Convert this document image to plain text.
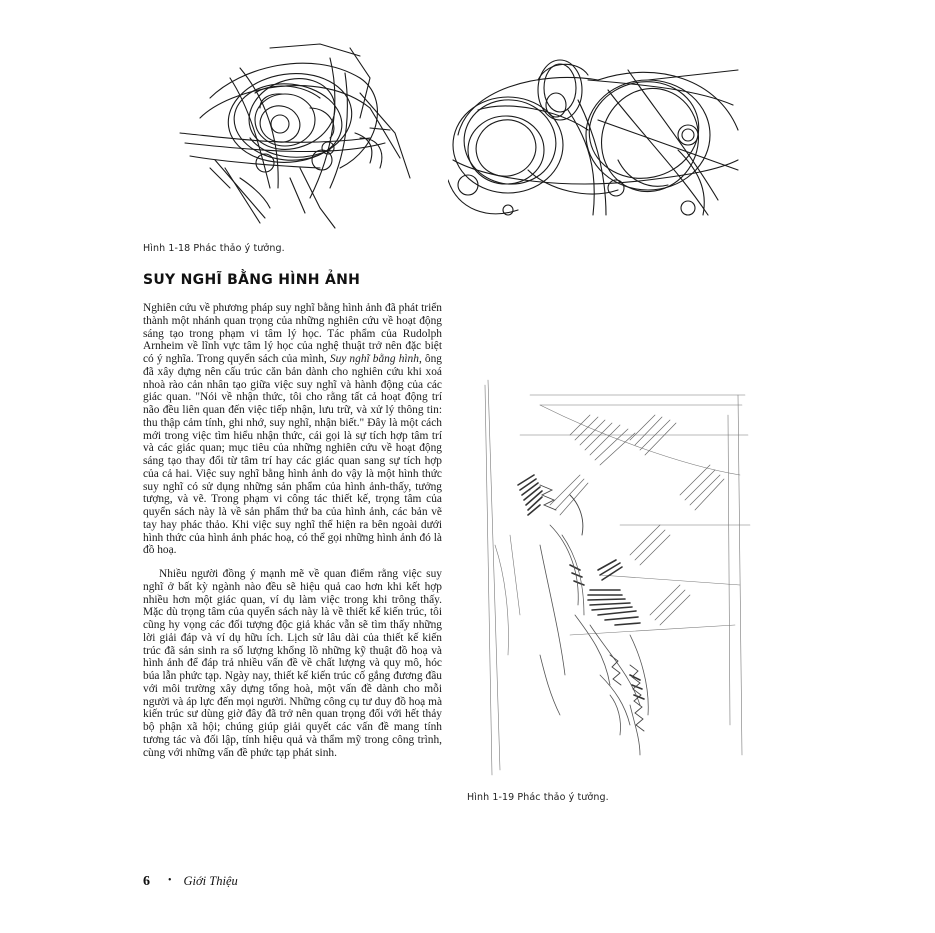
Hình 1-18 Phác thảo ý tưởng.
SUY NGHĨ BẰNG HÌNH ẢNH

Nghiên cứu về phương pháp suy nghĩ bằng hình ảnh đã phát triển thành một nhánh quan trọng của những nghiên cứu về hoạt động sáng tạo trong phạm vi tâm lý học. Tác phẩm của Rudolph Arnheim về lĩnh vực tâm lý học của nghệ thuật trở nên đặc biệt có ý nghĩa. Trong quyển sách của mình, Suy nghĩ bằng hình, ông đã xây dựng nên cấu trúc căn bản dành cho nghiên cứu khi xoá nhoà rào cản nhân tạo giữa việc suy nghĩ và hành động của các giác quan. "Nói về nhận thức, tôi cho rằng tất cả hoạt động trí não đều liên quan đến việc tiếp nhận, lưu trữ, và xử lý thông tin: thu thập cảm tính, ghi nhớ, suy nghĩ, nhận biết." Đây là một cách mới trong việc tìm hiểu nhận thức, cái gọi là sự tích hợp tâm trí và các giác quan; mục tiêu của những nghiên cứu về hoạt động sáng tạo thay đổi từ tâm trí hay các giác quan sang sự tích hợp của cả hai. Việc suy nghĩ bằng hình ảnh do vậy là một hình thức suy nghĩ có sử dụng những sản phẩm của hình ảnh-thấy, tưởng tượng, và vẽ. Trong phạm vi công tác thiết kế, trọng tâm của quyển sách này là về sản phẩm thứ ba của hình ảnh, các bản vẽ tay hay phác thảo. Khi việc suy nghĩ thể hiện ra bên ngoài dưới hình thức của hình ảnh phác hoạ, có thể gọi những hình ảnh đó là đồ hoạ.

Nhiều người đồng ý mạnh mẽ về quan điểm rằng việc suy nghĩ ở bất kỳ ngành nào đều sẽ hiệu quả cao hơn khi kết hợp nhiều hơn một giác quan, ví dụ làm việc trong khi trông thấy. Mặc dù trọng tâm của quyển sách này là về thiết kế kiến trúc, tôi cũng hy vọng các đối tượng độc giả khác vẫn sẽ tìm thấy những lời giải đáp và ví dụ hữu ích. Lịch sử lâu dài của thiết kế kiến trúc đã sản sinh ra số lượng khổng lồ những kỹ thuật đồ hoạ và hình ảnh để đáp trả nhiều vấn đề về chất lượng và quy mô, hóc búa lẫn phức tạp. Ngày nay, thiết kế kiến trúc cố gắng đương đầu với môi trường xây dựng tổng hoà, một vấn đề dành cho mỗi người và áp lực đến mọi người. Những công cụ tư duy đồ hoạ mà kiến trúc sư dùng giờ đây đã trở nên quan trọng đối với hết thảy bộ phận xã hội; chúng giúp giải quyết các vấn đề mang tính tương tác và đối lập, tính hiệu quả và thẩm mỹ trong công trình, cùng với những vấn đề phức tạp phát sinh.

Hình 1-19 Phác thảo ý tưởng.
6 • Giới Thiệu
